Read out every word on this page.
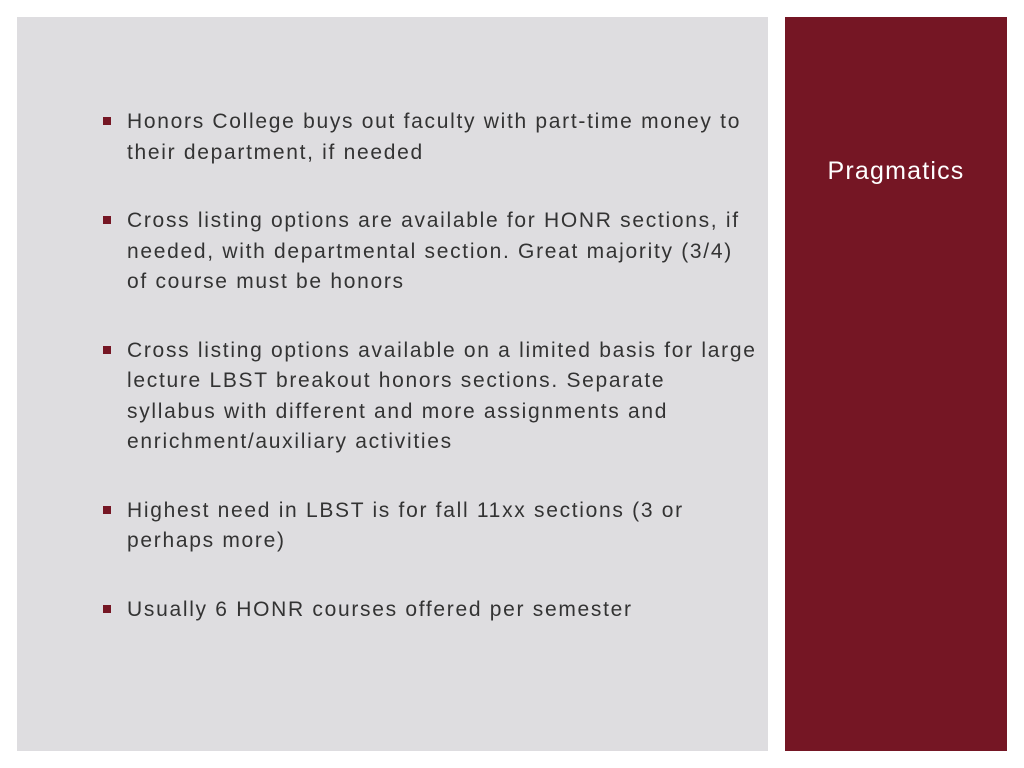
Honors College buys out faculty with part-time money to their department, if needed
Cross listing options are available for HONR sections, if needed, with departmental section. Great majority (3/4) of course must be honors
Cross listing options available on a limited basis for large lecture LBST breakout honors sections. Separate syllabus with different and more assignments and enrichment/auxiliary activities
Highest need in LBST is for fall 11xx sections (3 or perhaps more)
Usually 6 HONR courses offered per semester
Pragmatics
